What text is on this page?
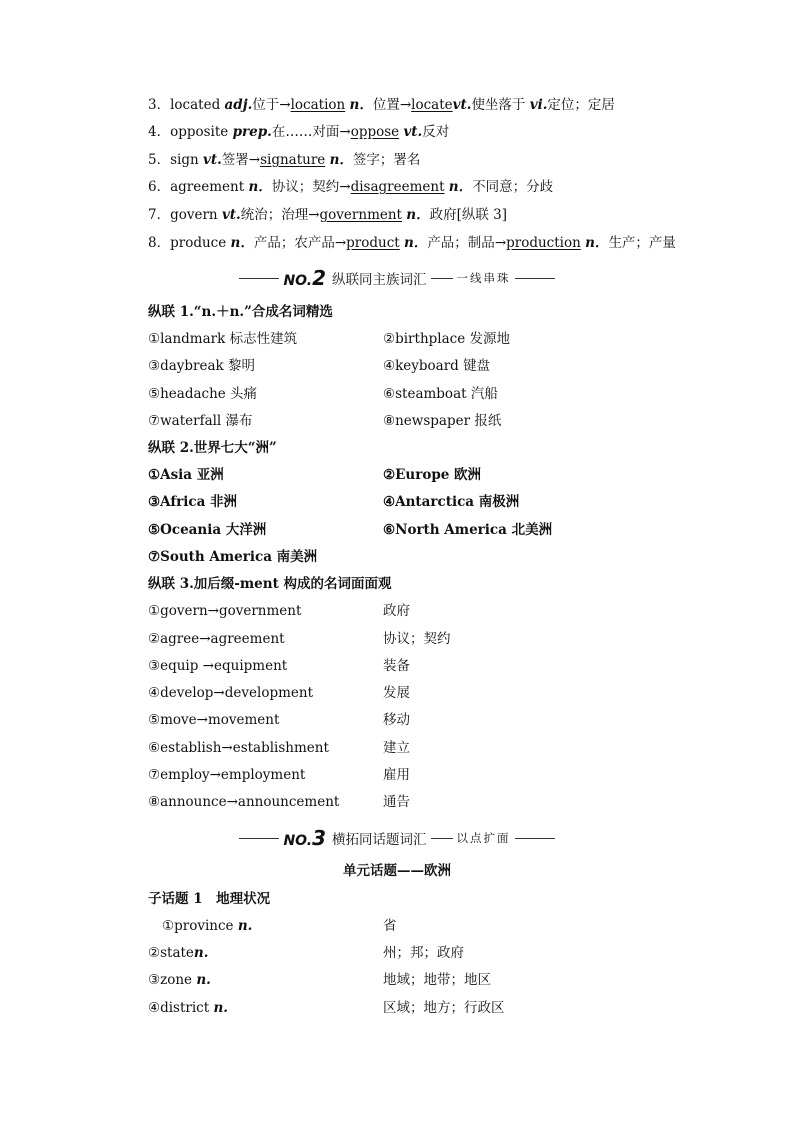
3．located adj.位于→location n．位置→locatevt.使坐落于 vi.定位；定居
4．opposite prep.在……对面→oppose vt.反对
5．sign vt.签署→signature n．签字；署名
6．agreement n．协议；契约→disagreement n．不同意；分歧
7．govern vt.统治；治理→government n．政府[纵联 3]
8．produce n．产品；农产品→product n．产品；制品→production n．生产；产量
NO.2 纵联同主族词汇	一线串珠
纵联 1.“n.＋n.”合成名词精选
①landmark 标志性建筑	②birthplace 发源地
③daybreak 黎明	④keyboard 键盘
⑤headache 头痛	⑥steamboat 汽船
⑦waterfall 瀑布	⑧newspaper 报纸
纵联 2.世界七大“洲”
①Asia 亚洲	②Europe 欧洲
③Africa 非洲	④Antarctica 南极洲
⑤Oceania 大洋洲	⑥North America 北美洲
⑦South America 南美洲
纵联 3.加后缀-ment 构成的名词面面观
①govern→government	政府
②agree→agreement	协议；契约
③equip →equipment	装备
④develop→development	发展
⑤move→movement	移动
⑥establish→establishment	建立
⑦employ→employment	雇用
⑧announce→announcement	通告
NO.3 横拓同话题词汇	以点扩面
单元话题——欧洲
子话题 1　地理状况
①province n.	省
②staten.	州；邦；政府
③zone n.	地域；地带；地区
④district n.	区域；地方；行政区
